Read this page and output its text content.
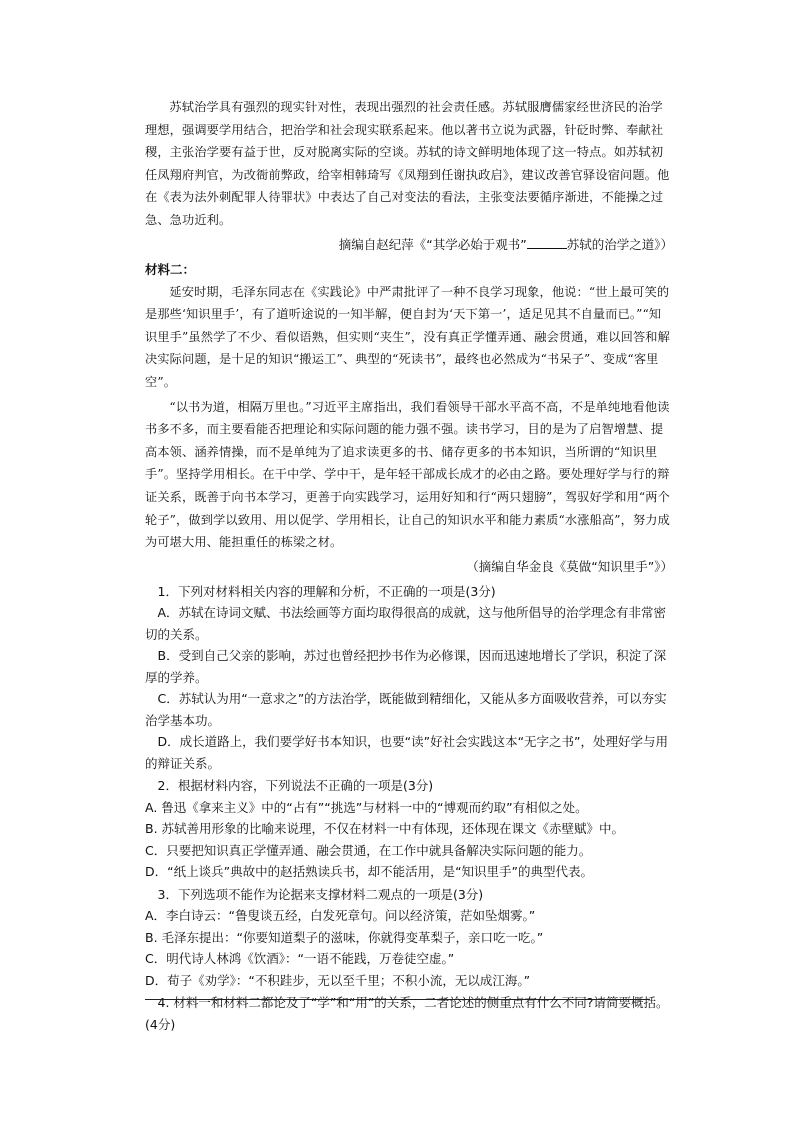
苏轼治学具有强烈的现实针对性，表现出强烈的社会责任感。苏轼服膺儒家经世济民的治学理想，强调要学用结合，把治学和社会现实联系起来。他以著书立说为武器，针砭时弊、奉献社稷，主张治学要有益于世，反对脱离实际的空谈。苏轼的诗文鲜明地体现了这一特点。如苏轼初任凤翔府判官，为改衙前弊政，给宰相韩琦写《凤翔到任谢执政启》，建议改善官驿设宿问题。他在《表为法外刺配罪人待罪状》中表达了自己对变法的看法，主张变法要循序渐进，不能操之过急、急功近利。

摘编自赵纪萍《“其学必始于观书”	苏轼的治学之道》）

材料二：

延安时期，毛泽东同志在《实践论》中严肃批评了一种不良学习现象，他说：“世上最可笑的是那些‘知识里手’，有了道听途说的一知半解，便自封为‘天下第一’，适足见其不自量而已。”“知识里手”虽然学了不少、看似语熟，但实则“夹生”，没有真正学懂弄通、融会贯通，难以回答和解决实际问题，是十足的知识“搬运工”、典型的“死读书”，最终也必然成为“书呆子”、变成“客里空”。

“以书为道，相隔万里也。”习近平主席指出，我们看领导干部水平高不高，不是单纯地看他读书多不多，而主要看能否把理论和实际问题的能力强不强。读书学习，目的是为了启智增慧、提高本领、涵养情操，而不是单纯为了追求读更多的书、储存更多的书本知识，当所谓的“知识里手”。坚持学用相长。在干中学、学中干，是年轻干部成长成才的必由之路。要处理好学与行的辩证关系，既善于向书本学习，更善于向实践学习，运用好知和行“两只翅膀”，驾驭好学和用“两个轮子”，做到学以致用、用以促学、学用相长，让自己的知识水平和能力素质“水涨船高”，努力成为可堪大用、能担重任的栋梁之材。

（摘编自华金良《莫做“知识里手”》）

1．下列对材料相关内容的理解和分析，不正确的一项是(3分)

A．苏轼在诗词文赋、书法绘画等方面均取得很高的成就，这与他所倡导的治学理念有非常密切的关系。

B．受到自己父亲的影响，苏过也曾经把抄书作为必修课，因而迅速地增长了学识，积淀了深厚的学养。

C．苏轼认为用“一意求之”的方法治学，既能做到精细化，又能从多方面吸收营养，可以夯实治学基本功。

D．成长道路上，我们要学好书本知识，也要“读”好社会实践这本“无字之书”，处理好学与用的辩证关系。

2．根据材料内容，下列说法不正确的一项是(3分)

A. 鲁迅《拿来主义》中的“占有”“挑选”与材料一中的“博观而约取”有相似之处。

B. 苏轼善用形象的比喻来说理，不仅在材料一中有体现，还体现在课文《赤壁赋》中。

C．只要把知识真正学懂弄通、融会贯通，在工作中就具备解决实际问题的能力。

D．“纸上谈兵”典故中的赵括熟读兵书，却不能活用，是“知识里手”的典型代表。

3．下列选项不能作为论据来支撑材料二观点的一项是(3分)

A．李白诗云：“鲁叟谈五经，白发死章句。问以经济策，茫如坠烟雾。”

B. 毛泽东提出：“你要知道梨子的滋味，你就得变革梨子，亲口吃一吃。”

C．明代诗人林鸿《饮酒》：“一语不能践，万卷徒空虚。”

D．荀子《劝学》：“不积跬步，无以至千里；不积小流，无以成江海。”

4. 材料一和材料二都论及了“学”和“用”的关系，二者论述的侧重点有什么不同?请简要概括。(4分)
